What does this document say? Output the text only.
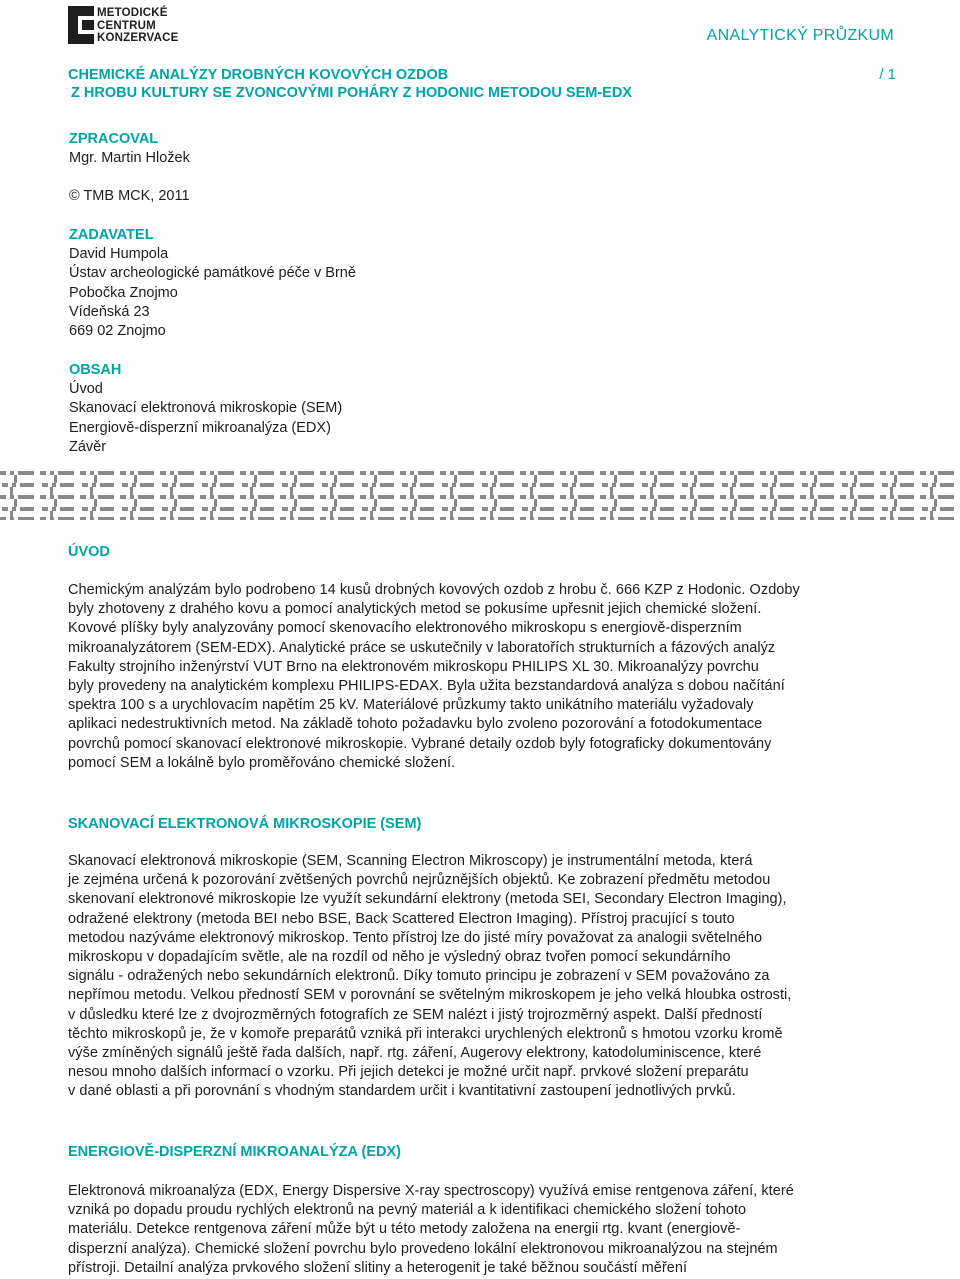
METODICKÉ
CENTRUM
KONZERVACE	ANALYTICKÝ PRŮZKUM
CHEMICKÉ ANALÝZY DROBNÝCH KOVOVÝCH OZDOB
Z HROBU KULTURY SE ZVONCOVÝMI POHÁRY Z HODONIC METODOU SEM-EDX
/ 1
ZPRACOVAL
Mgr. Martin Hložek
© TMB MCK, 2011
ZADAVATEL
David Humpola
Ústav archeologické památkové péče v Brně
Pobočka Znojmo
Vídeňská 23
669 02 Znojmo
OBSAH
Úvod
Skanovací elektronová mikroskopie (SEM)
Energiově-disperzní mikroanalýza (EDX)
Závěr
ÚVOD
Chemickým analýzám bylo podrobeno 14 kusů drobných kovových ozdob z hrobu č. 666 KZP z Hodonic. Ozdoby
byly zhotoveny z drahého kovu a pomocí analytických metod se pokusíme upřesnit jejich chemické složení.
Kovové plíšky byly analyzovány pomocí skenovacího elektronového mikroskopu s energiově-disperzním
mikroanalyzátorem (SEM-EDX). Analytické práce se uskutečnily v laboratořích strukturních a fázových analýz
Fakulty strojního inženýrství VUT Brno na elektronovém mikroskopu PHILIPS XL 30. Mikroanalýzy povrchu
byly provedeny na analytickém komplexu PHILIPS-EDAX. Byla užita bezstandardová analýza s dobou načítání
spektra 100 s a urychlovacím napětím 25 kV. Materiálové průzkumy takto unikátního materiálu vyžadovaly
aplikaci nedestruktivních metod. Na základě tohoto požadavku bylo zvoleno pozorování a fotodokumentace
povrchů pomocí skanovací elektronové mikroskopie. Vybrané detaily ozdob byly fotograficky dokumentovány
pomocí SEM a lokálně bylo proměřováno chemické složení.
SKANOVACÍ ELEKTRONOVÁ MIKROSKOPIE (SEM)
Skanovací elektronová mikroskopie (SEM, Scanning Electron Mikroscopy) je instrumentální metoda, která
je zejména určená k pozorování zvětšených povrchů nejrůznějších objektů. Ke zobrazení předmětu metodou
skenovaní elektronové mikroskopie lze využít sekundární elektrony (metoda SEI, Secondary Electron Imaging),
odražené elektrony (metoda BEI nebo BSE, Back Scattered Electron Imaging). Přístroj pracující s touto
metodou nazýváme elektronový mikroskop. Tento přístroj lze do jisté míry považovat za analogii světelného
mikroskopu v dopadajícím světle, ale na rozdíl od něho je výsledný obraz tvořen pomocí sekundárního
signálu - odražených nebo sekundárních elektronů. Díky tomuto principu je zobrazení v SEM považováno za
nepřímou metodu. Velkou předností SEM v porovnání se světelným mikroskopem je jeho velká hloubka ostrosti,
v důsledku které lze z dvojrozměrných fotografích ze SEM nalézt i jistý trojrozměrný aspekt. Další předností
těchto mikroskopů je, že v komoře preparátů vzniká při interakci urychlených elektronů s hmotou vzorku kromě
výše zmíněných signálů ještě řada dalších, např. rtg. záření, Augerovy elektrony, katodoluminiscence, které
nesou mnoho dalších informací o vzorku. Při jejich detekci je možné určit např. prvkové složení preparátu
v dané oblasti a při porovnání s vhodným standardem určit i kvantitativní zastoupení jednotlivých prvků.
ENERGIOVĚ-DISPERZNÍ MIKROANALÝZA (EDX)
Elektronová mikroanalýza (EDX, Energy Dispersive X-ray spectroscopy) využívá emise rentgenova záření, které
vzniká po dopadu proudu rychlých elektronů na pevný materiál a k identifikaci chemického složení tohoto
materiálu. Detekce rentgenova záření může být u této metody založena na energii rtg. kvant (energiově-
disperzní analýza). Chemické složení povrchu bylo provedeno lokální elektronovou mikroanalýzou na stejném
přístroji. Detailní analýza prvkového složení slitiny a heterogenit je také běžnou součástí měření
